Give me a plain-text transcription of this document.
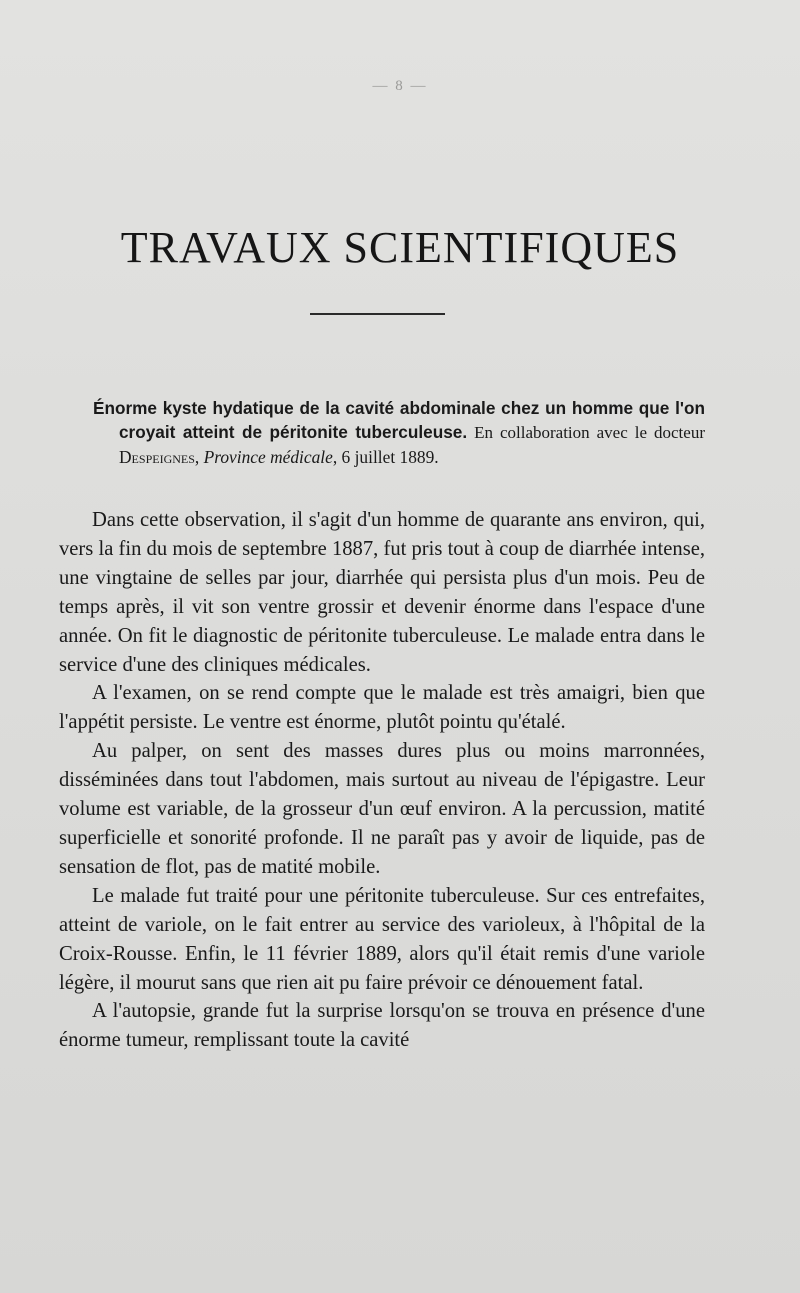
— 8 —
TRAVAUX SCIENTIFIQUES
Énorme kyste hydatique de la cavité abdominale chez un homme que l'on croyait atteint de péritonite tuberculeuse. En collaboration avec le docteur Despeignes, Province médicale, 6 juillet 1889.

Dans cette observation, il s'agit d'un homme de quarante ans environ, qui, vers la fin du mois de septembre 1887, fut pris tout à coup de diarrhée intense, une vingtaine de selles par jour, diarrhée qui persista plus d'un mois. Peu de temps après, il vit son ventre grossir et devenir énorme dans l'espace d'une année. On fit le diagnostic de péritonite tuberculeuse. Le malade entra dans le service d'une des cliniques médicales.

A l'examen, on se rend compte que le malade est très amaigri, bien que l'appétit persiste. Le ventre est énorme, plutôt pointu qu'étalé.

Au palper, on sent des masses dures plus ou moins marronnées, disséminées dans tout l'abdomen, mais surtout au niveau de l'épigastre. Leur volume est variable, de la grosseur d'un œuf environ. A la percussion, matité superficielle et sonorité profonde. Il ne paraît pas y avoir de liquide, pas de sensation de flot, pas de matité mobile.

Le malade fut traité pour une péritonite tuberculeuse. Sur ces entrefaites, atteint de variole, on le fait entrer au service des varioleux, à l'hôpital de la Croix-Rousse. Enfin, le 11 février 1889, alors qu'il était remis d'une variole légère, il mourut sans que rien ait pu faire prévoir ce dénouement fatal.

A l'autopsie, grande fut la surprise lorsqu'on se trouva en présence d'une énorme tumeur, remplissant toute la cavité
